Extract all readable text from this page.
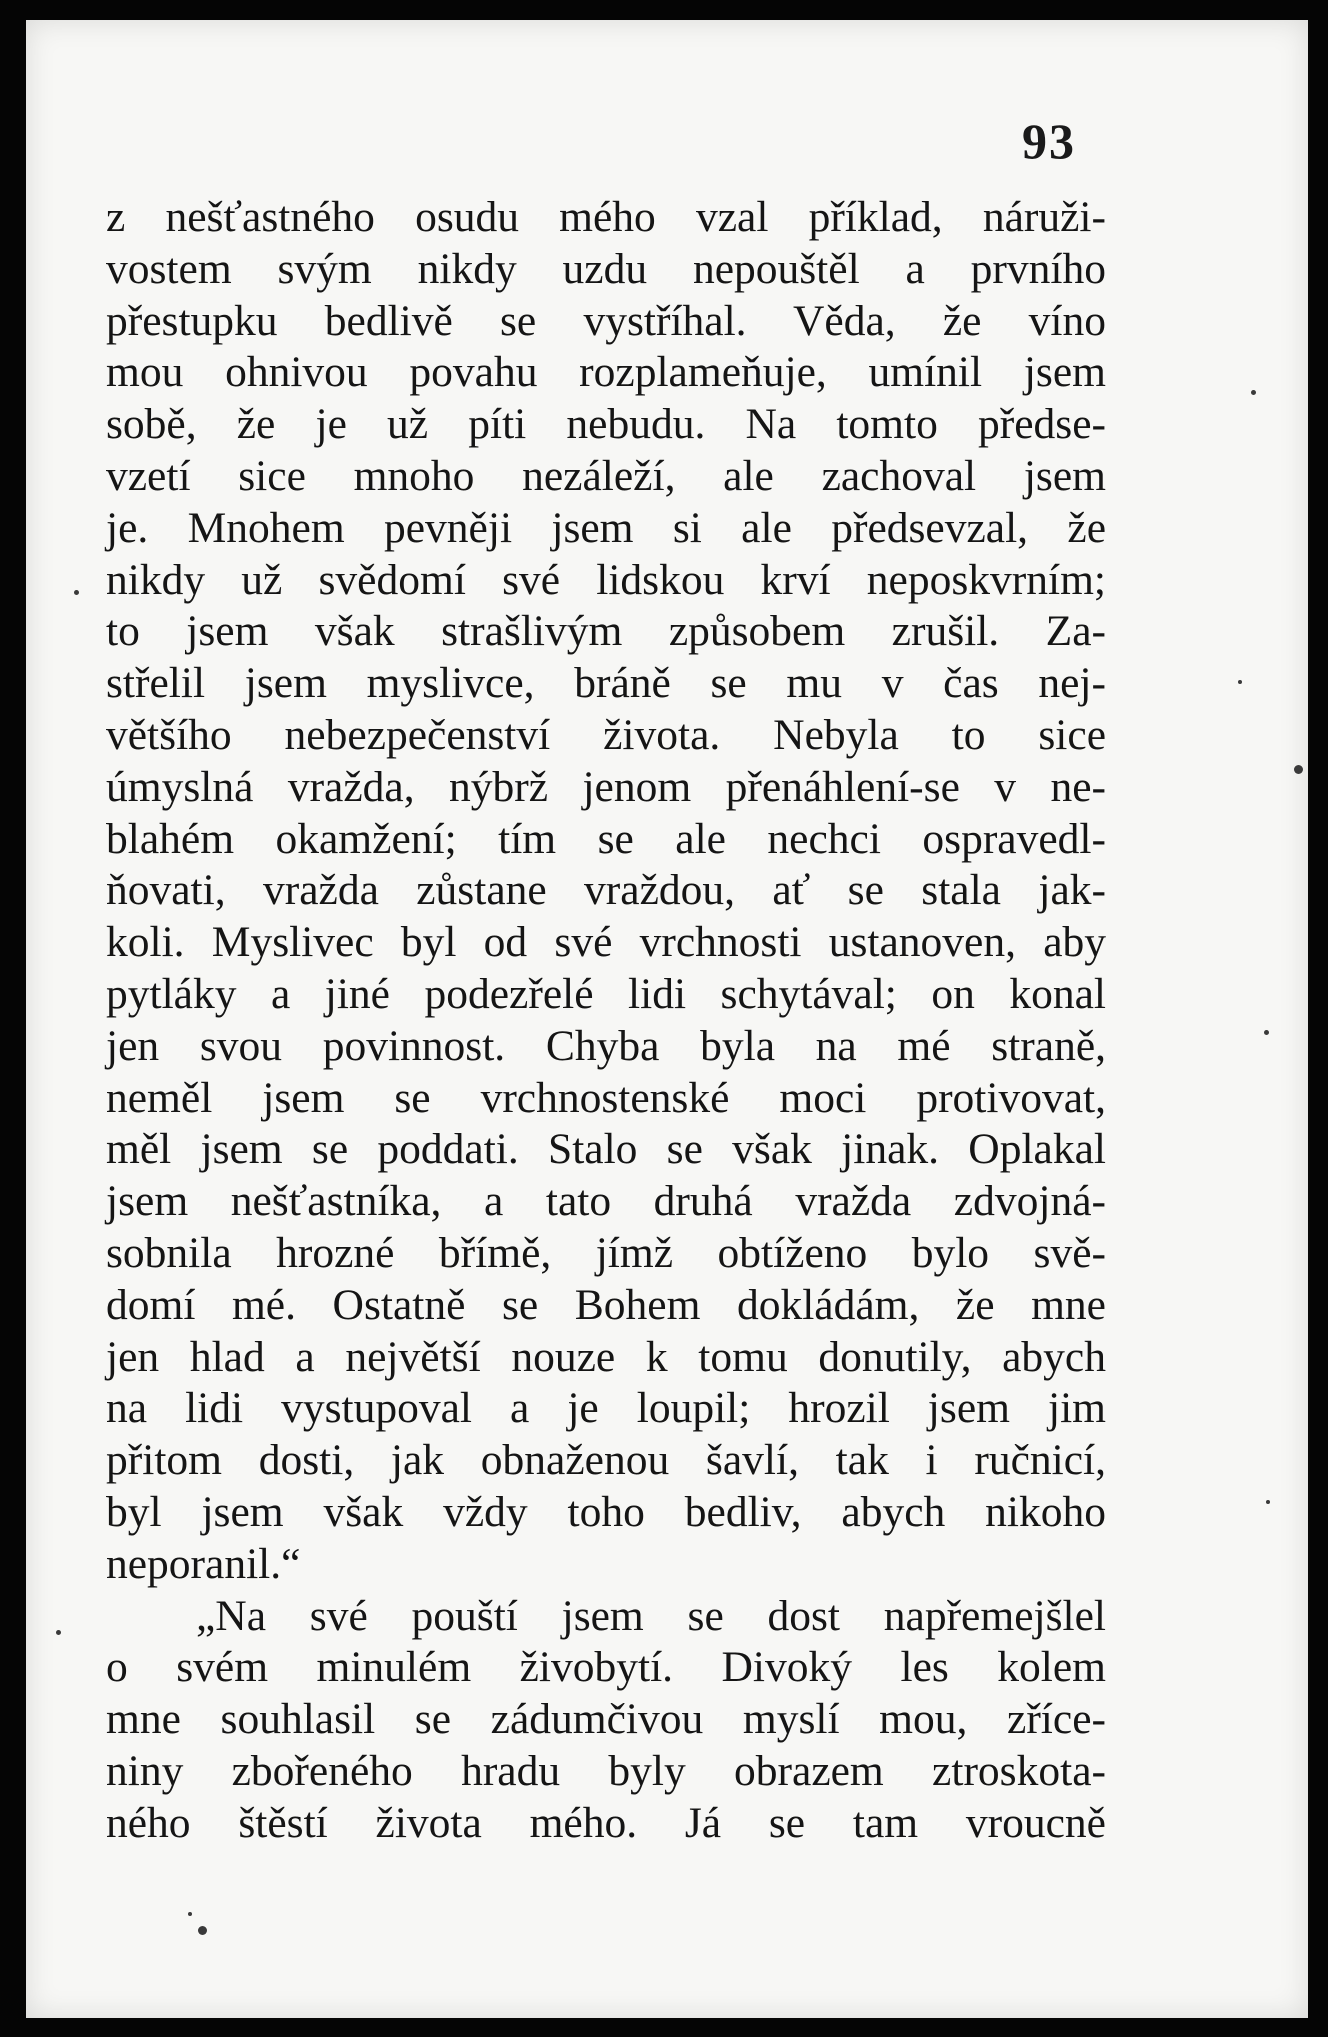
93
z nešťastného osudu mého vzal příklad, náruži-
vostem svým nikdy uzdu nepouštěl a prvního
přestupku bedlivě se vystříhal. Věda, že víno
mou ohnivou povahu rozplameňuje, umínil jsem
sobě, že je už píti nebudu. Na tomto předse-
vzetí sice mnoho nezáleží, ale zachoval jsem
je. Mnohem pevněji jsem si ale předsevzal, že
nikdy už svědomí své lidskou krví neposkvrním;
to jsem však strašlivým způsobem zrušil. Za-
střelil jsem myslivce, bráně se mu v čas nej-
většího nebezpečenství života. Nebyla to sice
úmyslná vražda, nýbrž jenom přenáhlení-se v ne-
blahém okamžení; tím se ale nechci ospravedl-
ňovati, vražda zůstane vraždou, ať se stala jak-
koli. Myslivec byl od své vrchnosti ustanoven, aby
pytláky a jiné podezřelé lidi schytával; on konal
jen svou povinnost. Chyba byla na mé straně,
neměl jsem se vrchnostenské moci protivovat,
měl jsem se poddati. Stalo se však jinak. Oplakal
jsem nešťastníka, a tato druhá vražda zdvojná-
sobnila hrozné břímě, jímž obtíženo bylo svě-
domí mé. Ostatně se Bohem dokládám, že mne
jen hlad a největší nouze k tomu donutily, abych
na lidi vystupoval a je loupil; hrozil jsem jim
přitom dosti, jak obnaženou šavlí, tak i ručnicí,
byl jsem však vždy toho bedliv, abych nikoho
neporanil.“
„Na své pouští jsem se dost napřemejšlel
o svém minulém živobytí. Divoký les kolem
mne souhlasil se zádumčivou myslí mou, zříce-
niny zbořeného hradu byly obrazem ztroskota-
ného štěstí života mého. Já se tam vroucně
